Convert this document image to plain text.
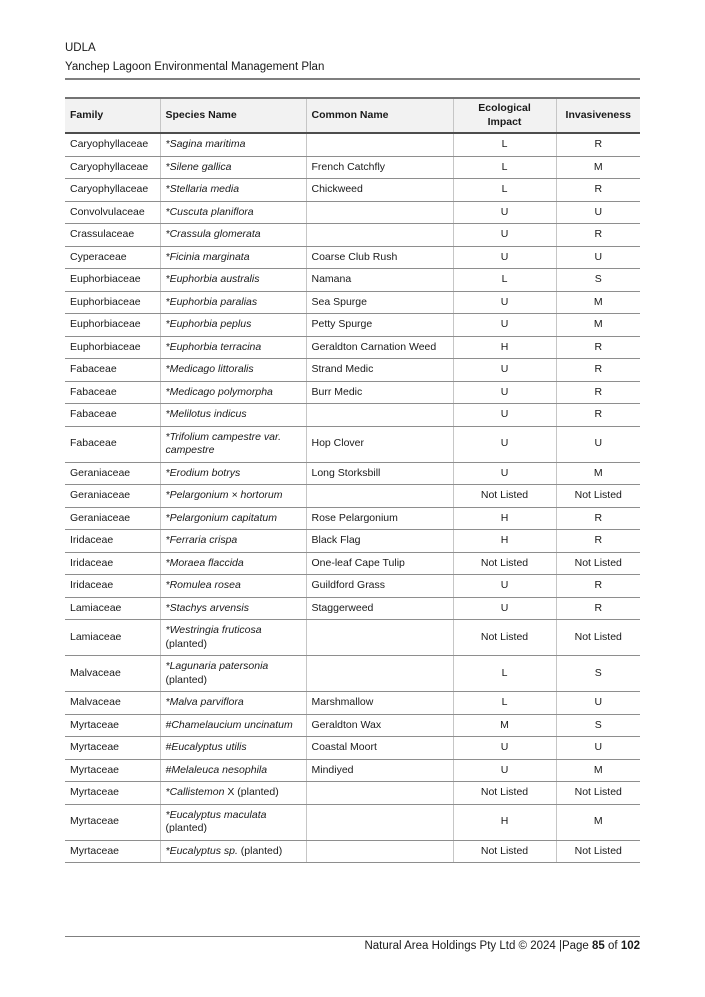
UDLA
Yanchep Lagoon Environmental Management Plan
Family	Species Name	Common Name	Ecological Impact	Invasiveness
Caryophyllaceae	*Sagina maritima		L	R
Caryophyllaceae	*Silene gallica	French Catchfly	L	M
Caryophyllaceae	*Stellaria media	Chickweed	L	R
Convolvulaceae	*Cuscuta planiflora		U	U
Crassulaceae	*Crassula glomerata		U	R
Cyperaceae	*Ficinia marginata	Coarse Club Rush	U	U
Euphorbiaceae	*Euphorbia australis	Namana	L	S
Euphorbiaceae	*Euphorbia paralias	Sea Spurge	U	M
Euphorbiaceae	*Euphorbia peplus	Petty Spurge	U	M
Euphorbiaceae	*Euphorbia terracina	Geraldton Carnation Weed	H	R
Fabaceae	*Medicago littoralis	Strand Medic	U	R
Fabaceae	*Medicago polymorpha	Burr Medic	U	R
Fabaceae	*Melilotus indicus		U	R
Fabaceae	*Trifolium campestre var. campestre	Hop Clover	U	U
Geraniaceae	*Erodium botrys	Long Storksbill	U	M
Geraniaceae	*Pelargonium × hortorum		Not Listed	Not Listed
Geraniaceae	*Pelargonium capitatum	Rose Pelargonium	H	R
Iridaceae	*Ferraria crispa	Black Flag	H	R
Iridaceae	*Moraea flaccida	One-leaf Cape Tulip	Not Listed	Not Listed
Iridaceae	*Romulea rosea	Guildford Grass	U	R
Lamiaceae	*Stachys arvensis	Staggerweed	U	R
Lamiaceae	*Westringia fruticosa (planted)		Not Listed	Not Listed
Malvaceae	*Lagunaria patersonia (planted)		L	S
Malvaceae	*Malva parviflora	Marshmallow	L	U
Myrtaceae	#Chamelaucium uncinatum	Geraldton Wax	M	S
Myrtaceae	#Eucalyptus utilis	Coastal Moort	U	U
Myrtaceae	#Melaleuca nesophila	Mindiyed	U	M
Myrtaceae	*Callistemon X (planted)		Not Listed	Not Listed
Myrtaceae	*Eucalyptus maculata (planted)		H	M
Myrtaceae	*Eucalyptus sp. (planted)		Not Listed	Not Listed
Natural Area Holdings Pty Ltd © 2024 |Page 85 of 102
